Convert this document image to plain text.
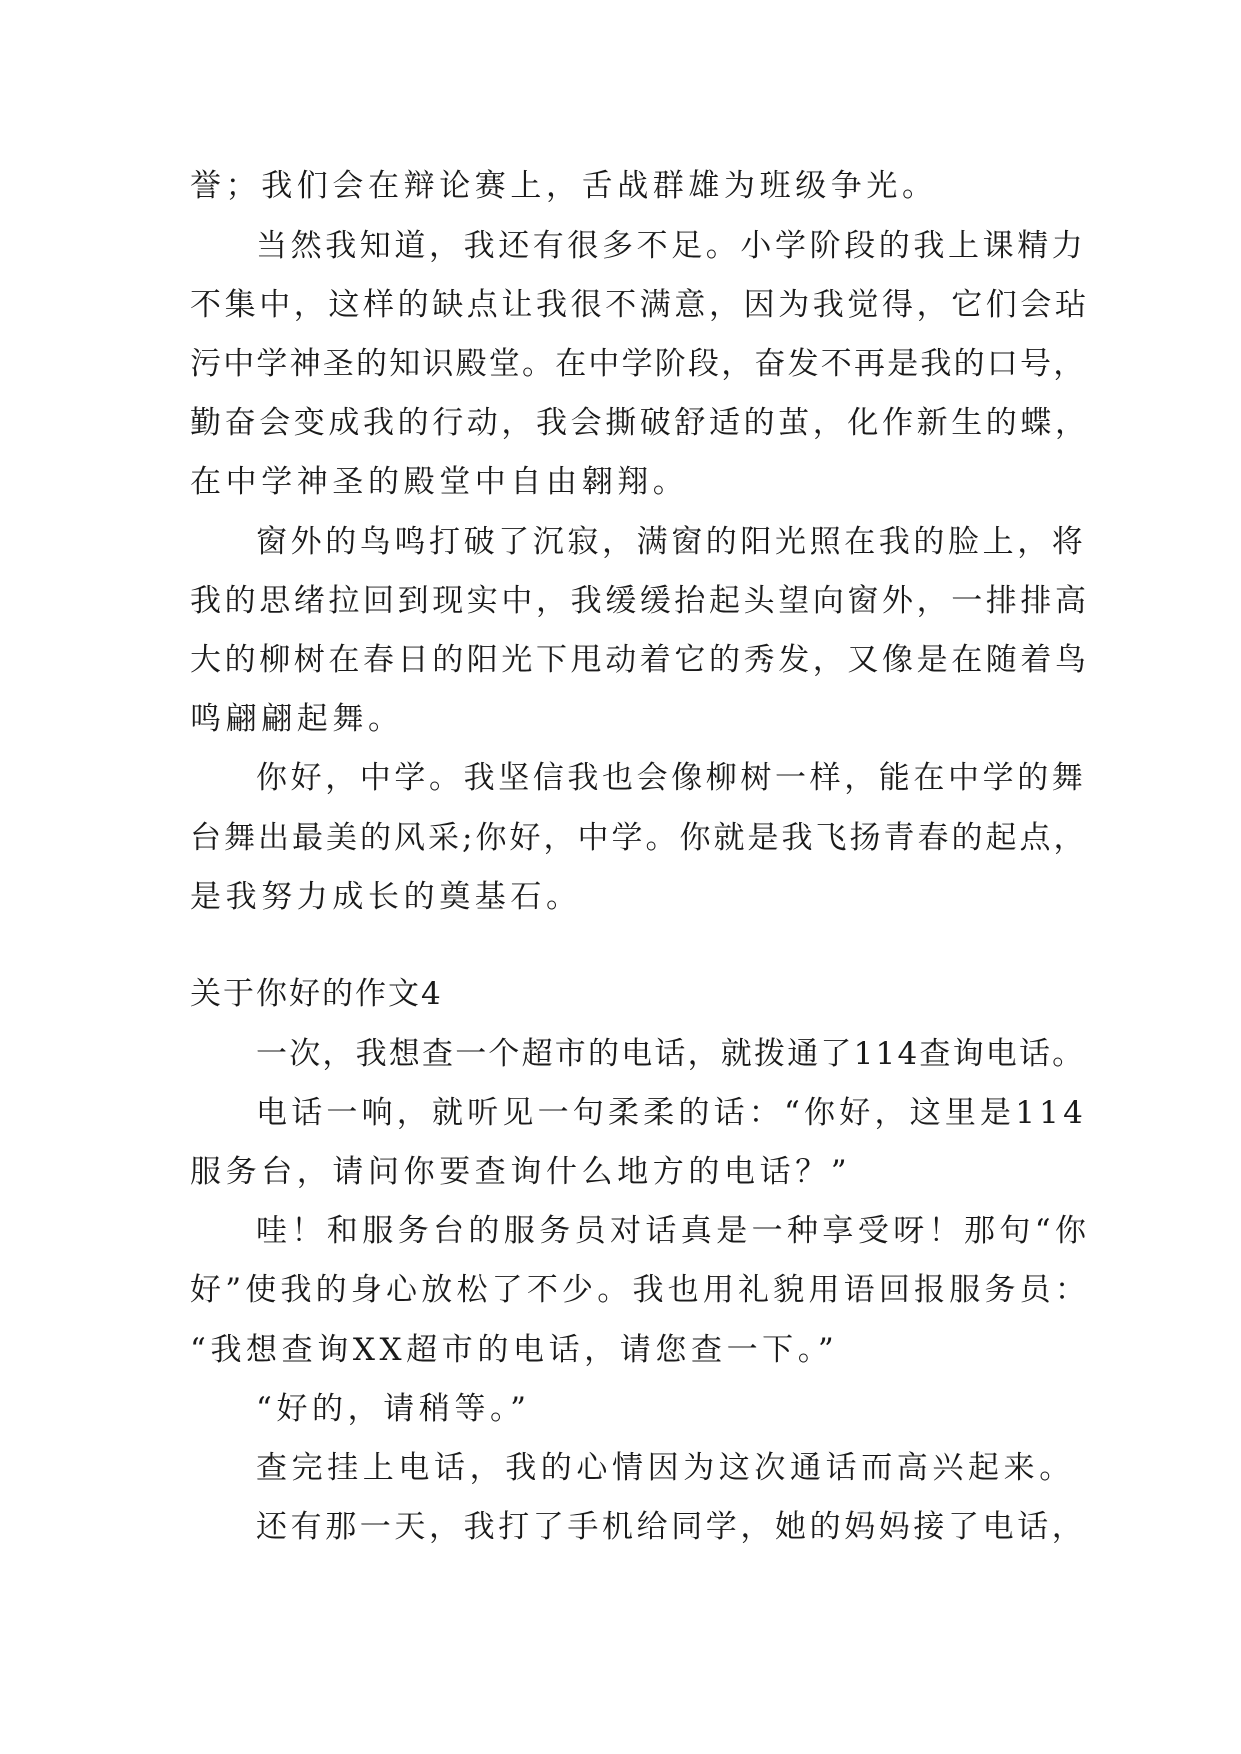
誉；我们会在辩论赛上，舌战群雄为班级争光。
当然我知道，我还有很多不足。小学阶段的我上课精力
不集中，这样的缺点让我很不满意，因为我觉得，它们会玷
污中学神圣的知识殿堂。在中学阶段，奋发不再是我的口号，
勤奋会变成我的行动，我会撕破舒适的茧，化作新生的蝶，
在中学神圣的殿堂中自由翱翔。
窗外的鸟鸣打破了沉寂，满窗的阳光照在我的脸上，将
我的思绪拉回到现实中，我缓缓抬起头望向窗外，一排排高
大的柳树在春日的阳光下甩动着它的秀发，又像是在随着鸟
鸣翩翩起舞。
你好，中学。我坚信我也会像柳树一样，能在中学的舞
台舞出最美的风采;你好，中学。你就是我飞扬青春的起点，
是我努力成长的奠基石。
关于你好的作文4
一次，我想查一个超市的电话，就拨通了114查询电话。
电话一响，就听见一句柔柔的话：“你好，这里是114
服务台，请问你要查询什么地方的电话？”
哇！和服务台的服务员对话真是一种享受呀！那句“你
好”使我的身心放松了不少。我也用礼貌用语回报服务员：
“我想查询XX超市的电话，请您查一下。”
“好的，请稍等。”
查完挂上电话，我的心情因为这次通话而高兴起来。
还有那一天，我打了手机给同学，她的妈妈接了电话，
